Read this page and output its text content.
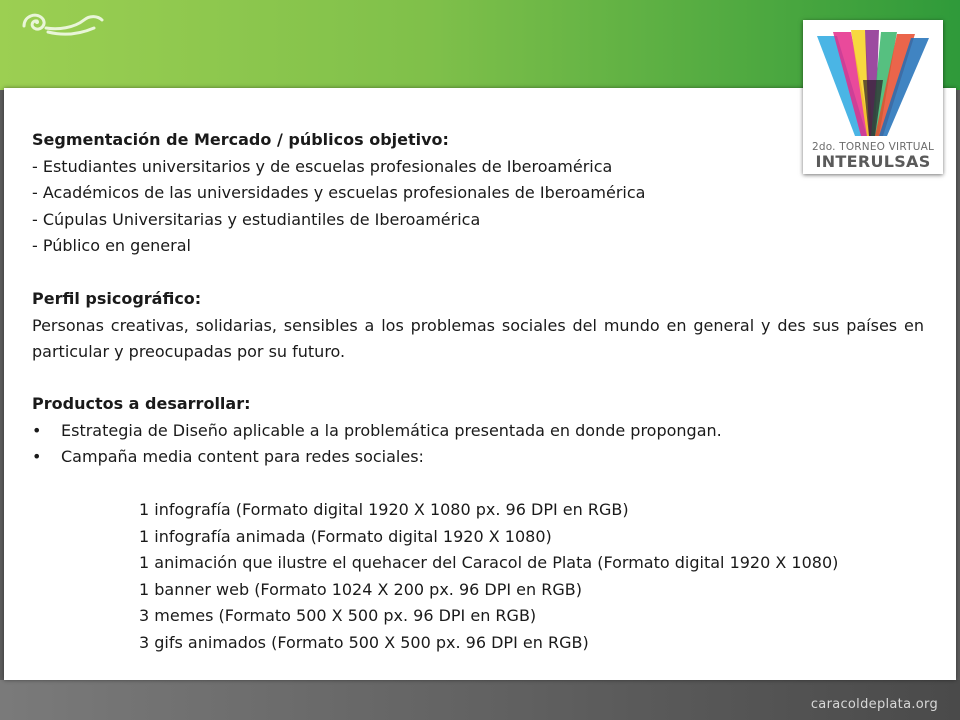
2do. TORNEO VIRTUAL
INTERULSAS

Segmentación de Mercado / públicos objetivo:

- Estudiantes universitarios y de escuelas profesionales de Iberoamérica

- Académicos de las universidades y escuelas profesionales de Iberoamérica

- Cúpulas Universitarias y estudiantiles de Iberoamérica

- Público en general

Perfil psicográfico:

Personas creativas, solidarias, sensibles a los problemas sociales del mundo en general y des sus países en particular y preocupadas por su futuro.

Productos a desarrollar:

• Estrategia de Diseño aplicable a la problemática presentada en donde propongan.

• Campaña media content para redes sociales:

1 infografía (Formato digital 1920 X 1080 px. 96 DPI en RGB)

1 infografía animada (Formato digital 1920 X 1080)

1 animación que ilustre el quehacer del Caracol de Plata (Formato digital 1920 X 1080)

1 banner web (Formato 1024 X 200 px. 96 DPI en RGB)

3 memes (Formato 500 X 500 px. 96 DPI en RGB)

3 gifs animados (Formato 500 X 500 px. 96 DPI en RGB)

caracoldeplata.org
